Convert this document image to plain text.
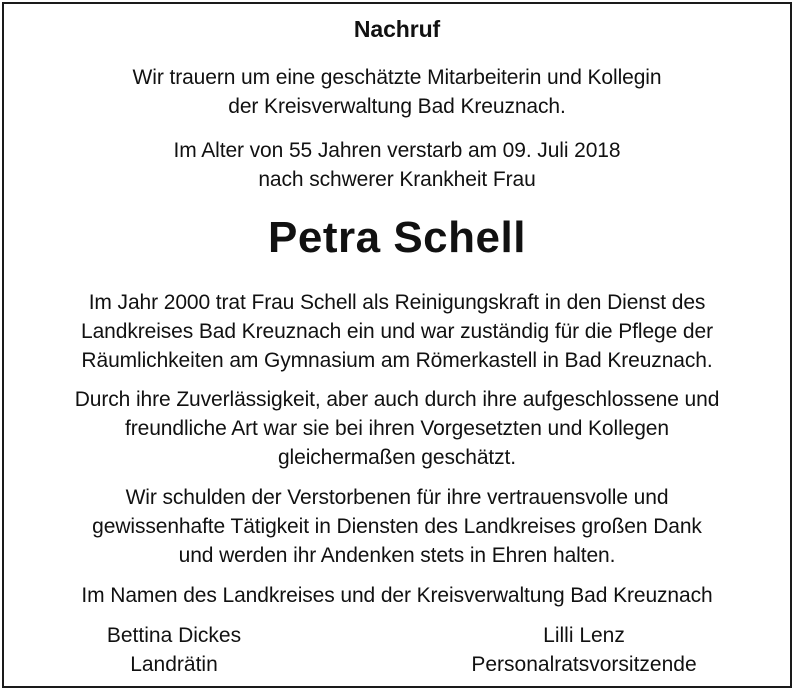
Nachruf

Wir trauern um eine geschätzte Mitarbeiterin und Kollegin
der Kreisverwaltung Bad Kreuznach.

Im Alter von 55 Jahren verstarb am 09. Juli 2018
nach schwerer Krankheit Frau

Petra Schell

Im Jahr 2000 trat Frau Schell als Reinigungskraft in den Dienst des
Landkreises Bad Kreuznach ein und war zuständig für die Pflege der
Räumlichkeiten am Gymnasium am Römerkastell in Bad Kreuznach.

Durch ihre Zuverlässigkeit, aber auch durch ihre aufgeschlossene und
freundliche Art war sie bei ihren Vorgesetzten und Kollegen
gleichermaßen geschätzt.

Wir schulden der Verstorbenen für ihre vertrauensvolle und
gewissenhafte Tätigkeit in Diensten des Landkreises großen Dank
und werden ihr Andenken stets in Ehren halten.

Im Namen des Landkreises und der Kreisverwaltung Bad Kreuznach

Bettina Dickes
Landrätin
Lilli Lenz
Personalratsvorsitzende
